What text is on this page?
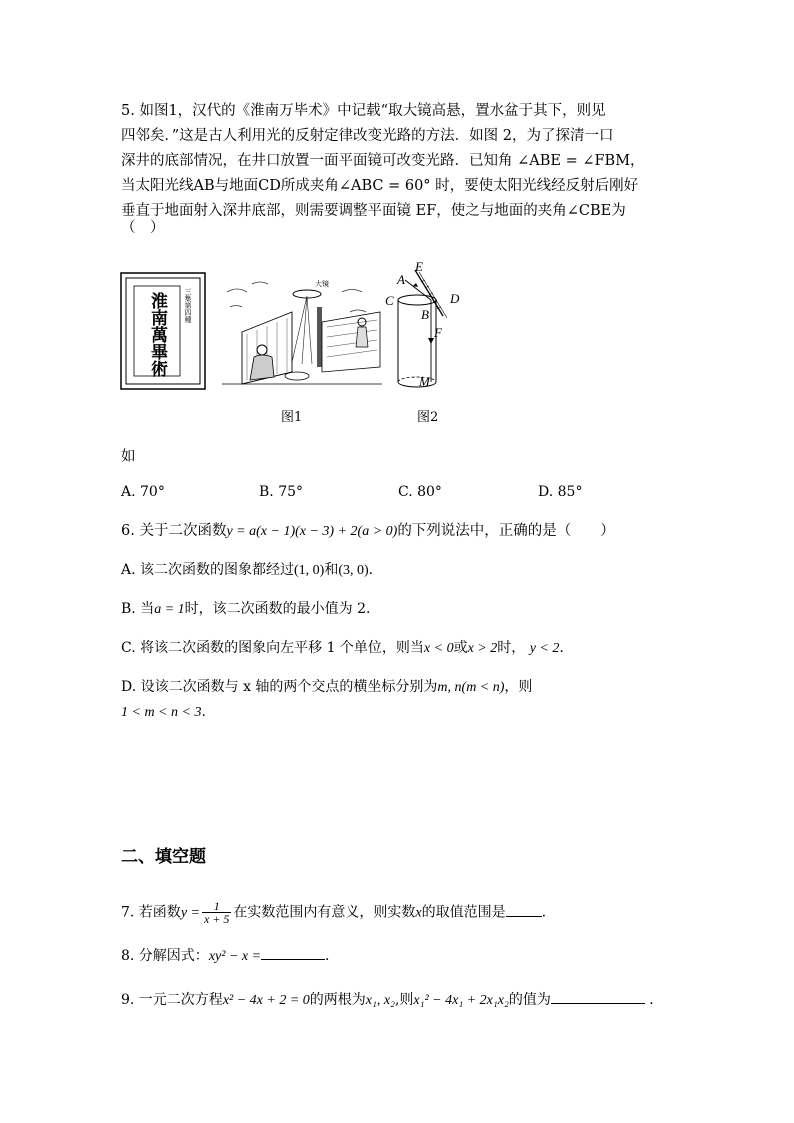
5. 如图1，汉代的《淮南万毕术》中记载“取大镜高悬，置水盆于其下，则见
四邻矣．”这是古人利用光的反射定律改变光路的方法．如图 2，为了探清一口
深井的底部情况，在井口放置一面平面镜可改变光路．已知角 ∠ABE = ∠FBM，
当太阳光线AB与地面CD所成夹角∠ABC = 60° 时，要使太阳光线经反射后刚好
垂直于地面射入深井底部，则需要调整平面镜 EF，使之与地面的夹角∠CBE为
（　）
三集第四種
淮南萬畢術
大镜	A
E
C	D
B
F
M
图1	图2
如
A. 70°	B. 75°	C. 80°	D. 85°
6. 关于二次函数y = a(x − 1)(x − 3) + 2(a > 0)的下列说法中，正确的是（　　）
A. 该二次函数的图象都经过(1, 0)和(3, 0).
B. 当a = 1时，该二次函数的最小值为 2.
C. 将该二次函数的图象向左平移 1 个单位，则当x < 0或x > 2时， y < 2.
D. 设该二次函数与 x 轴的两个交点的横坐标分别为m, n(m < n)，则
1 < m < n < 3.
二、填空题
7. 若函数$y = \frac{1}{x + 5}$ 在实数范围内有意义，则实数x的取值范围是	.
8. 分解因式：xy² − x =	.
9. 一元二次方程x² − 4x + 2 = 0的两根为x₁, x₂,则x₁² − 4x₁ + 2x₁x₂的值为	.
